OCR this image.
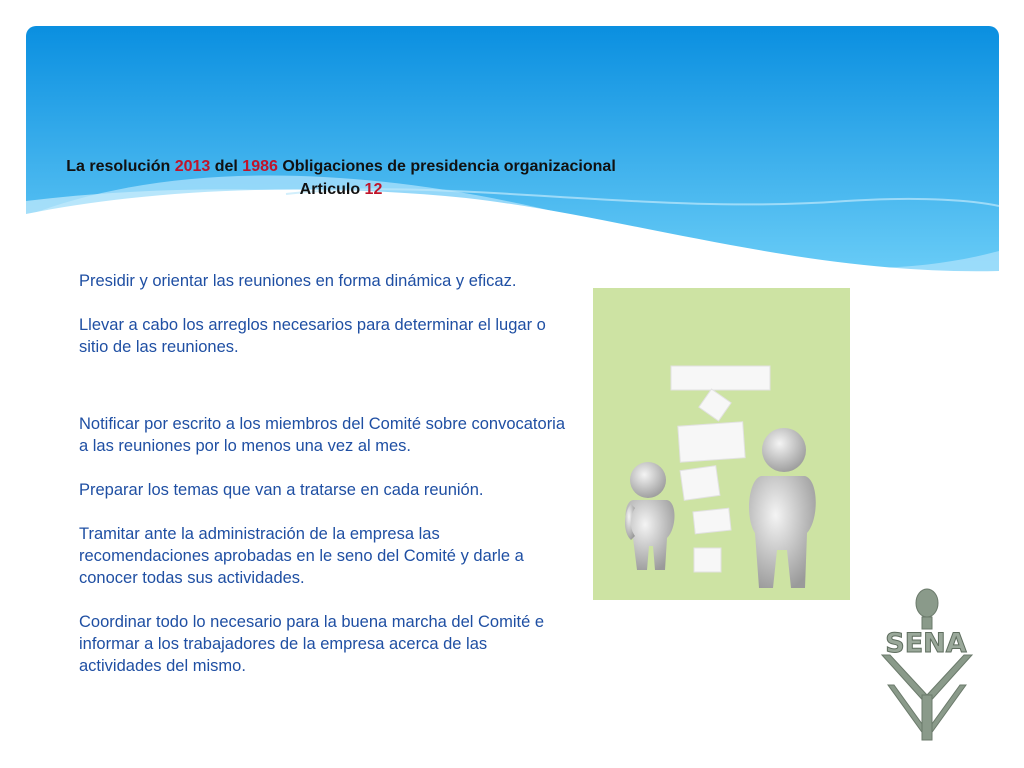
La resolución 2013 del 1986 Obligaciones de presidencia organizacional
Articulo 12

Presidir y orientar las reuniones en forma dinámica y eficaz.

Llevar a cabo los arreglos necesarios para determinar el lugar o sitio de las reuniones.

Notificar por escrito a los miembros del Comité sobre convocatoria a las reuniones por lo menos una vez al mes.

Preparar los temas que van a tratarse en cada reunión.

Tramitar ante la administración de la empresa las recomendaciones aprobadas en le seno del Comité y darle a conocer todas sus actividades.

Coordinar todo lo necesario para la buena marcha del Comité e informar a los trabajadores de la empresa acerca de las actividades del mismo.

SENA
